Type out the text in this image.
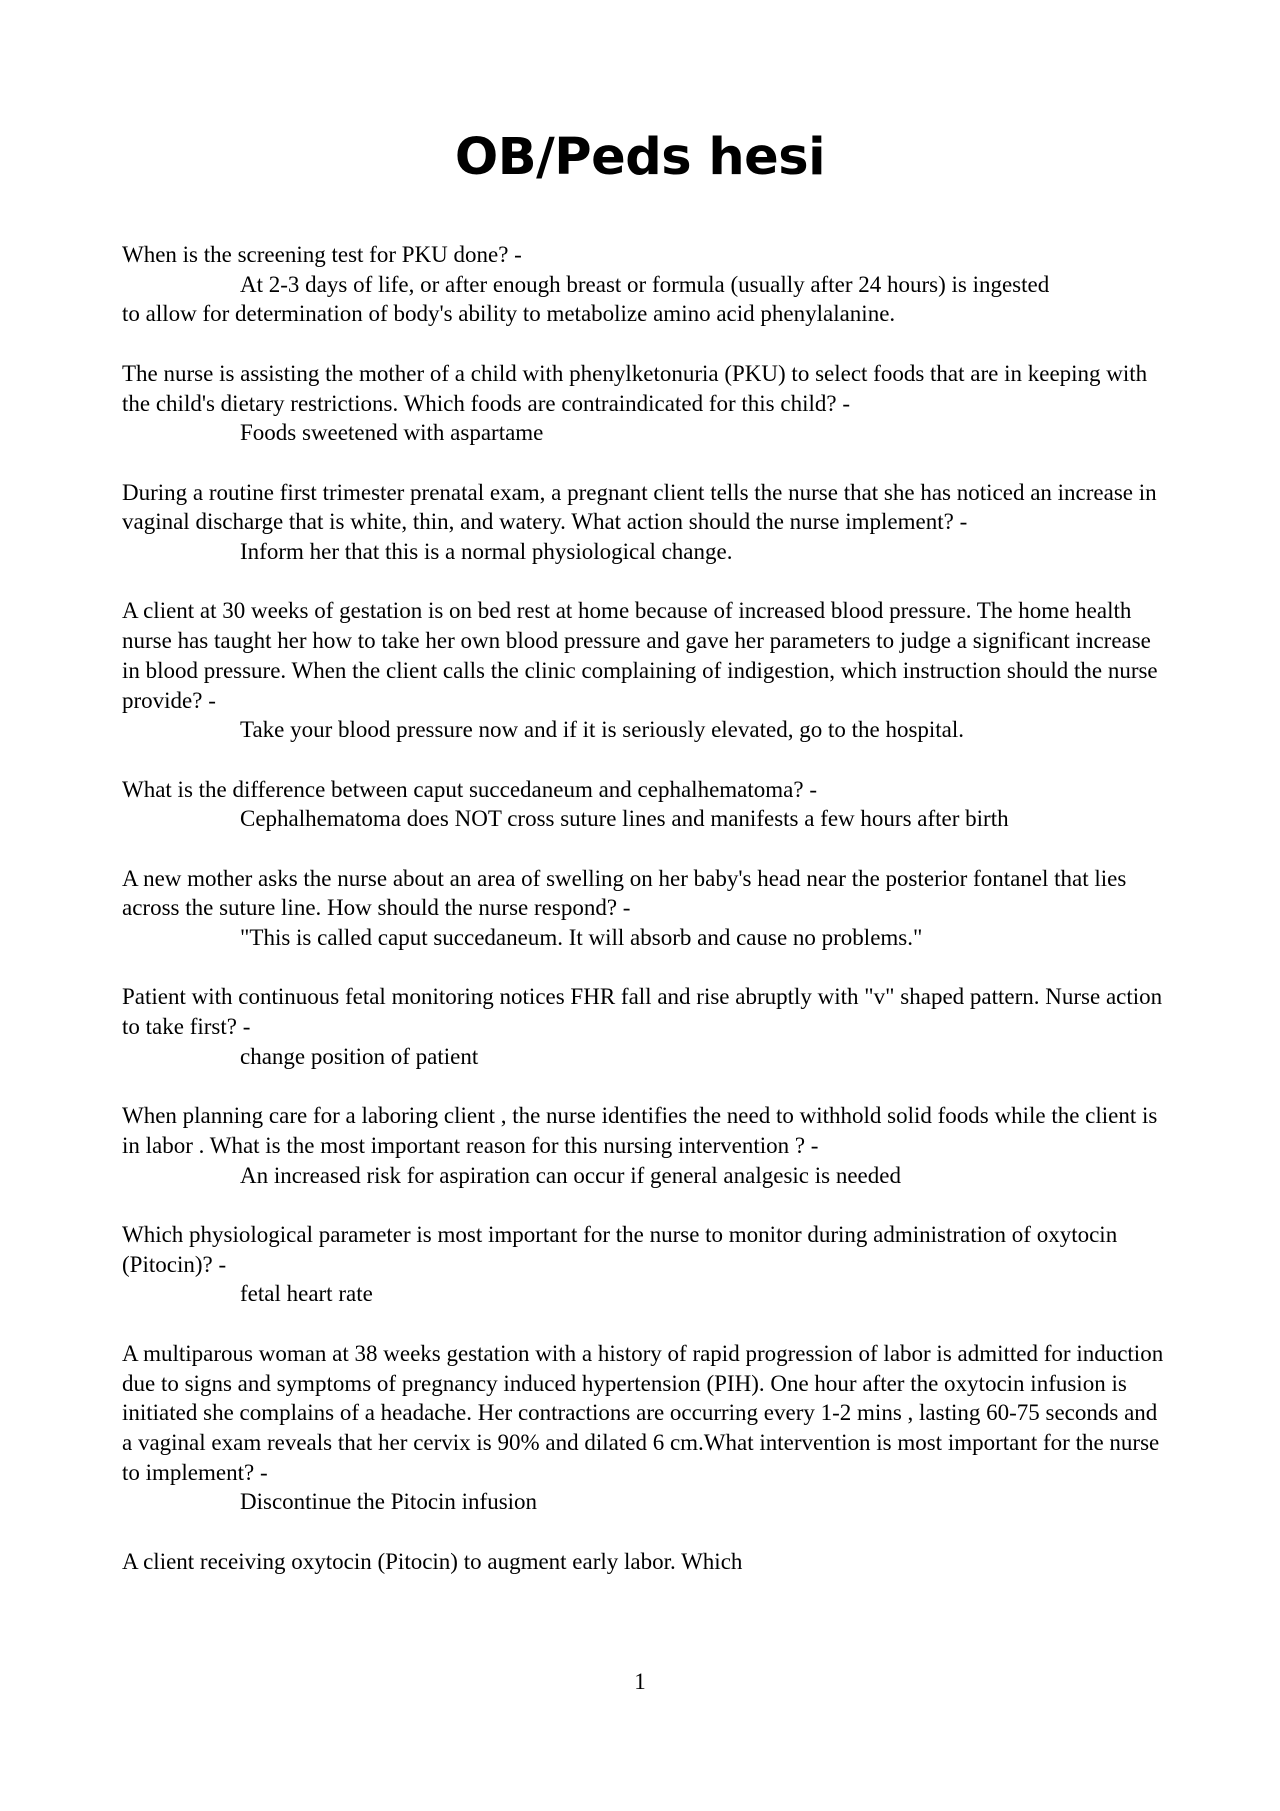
OB/Peds hesi

When is the screening test for PKU done? -

At 2-3 days of life, or after enough breast or formula (usually after 24 hours) is ingested

to allow for determination of body's ability to metabolize amino acid phenylalanine.

The nurse is assisting the mother of a child with phenylketonuria (PKU) to select foods that are in keeping with the child's dietary restrictions. Which foods are contraindicated for this child? -

Foods sweetened with aspartame

During a routine first trimester prenatal exam, a pregnant client tells the nurse that she has noticed an increase in vaginal discharge that is white, thin, and watery. What action should the nurse implement? -

Inform her that this is a normal physiological change.

A client at 30 weeks of gestation is on bed rest at home because of increased blood pressure. The home health nurse has taught her how to take her own blood pressure and gave her parameters to judge a significant increase in blood pressure. When the client calls the clinic complaining of indigestion, which instruction should the nurse provide? -

Take your blood pressure now and if it is seriously elevated, go to the hospital.

What is the difference between caput succedaneum and cephalhematoma? -

Cephalhematoma does NOT cross suture lines and manifests a few hours after birth

A new mother asks the nurse about an area of swelling on her baby's head near the posterior fontanel that lies across the suture line. How should the nurse respond? -

"This is called caput succedaneum. It will absorb and cause no problems."

Patient with continuous fetal monitoring notices FHR fall and rise abruptly with "v" shaped pattern. Nurse action to take first? -

change position of patient

When planning care for a laboring client , the nurse identifies the need to withhold solid foods while the client is in labor . What is the most important reason for this nursing intervention ? -

An increased risk for aspiration can occur if general analgesic is needed

Which physiological parameter is most important for the nurse to monitor during administration of oxytocin (Pitocin)? -

fetal heart rate

A multiparous woman at 38 weeks gestation with a history of rapid progression of labor is admitted for induction due to signs and symptoms of pregnancy induced hypertension (PIH). One hour after the oxytocin infusion is initiated she complains of a headache. Her contractions are occurring every 1-2 mins , lasting 60-75 seconds and a vaginal exam reveals that her cervix is 90% and dilated 6 cm.What intervention is most important for the nurse to implement? -

Discontinue the Pitocin infusion

A client receiving oxytocin (Pitocin) to augment early labor. Which

1
